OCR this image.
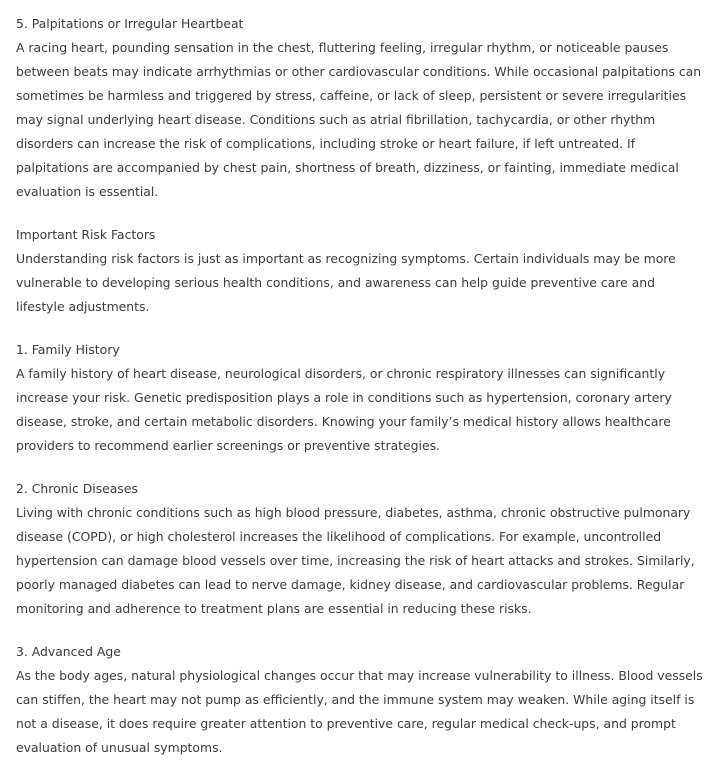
5. Palpitations or Irregular Heartbeat
A racing heart, pounding sensation in the chest, fluttering feeling, irregular rhythm, or noticeable pauses between beats may indicate arrhythmias or other cardiovascular conditions. While occasional palpitations can sometimes be harmless and triggered by stress, caffeine, or lack of sleep, persistent or severe irregularities may signal underlying heart disease. Conditions such as atrial fibrillation, tachycardia, or other rhythm disorders can increase the risk of complications, including stroke or heart failure, if left untreated. If palpitations are accompanied by chest pain, shortness of breath, dizziness, or fainting, immediate medical evaluation is essential.
Important Risk Factors
Understanding risk factors is just as important as recognizing symptoms. Certain individuals may be more vulnerable to developing serious health conditions, and awareness can help guide preventive care and lifestyle adjustments.
1. Family History
A family history of heart disease, neurological disorders, or chronic respiratory illnesses can significantly increase your risk. Genetic predisposition plays a role in conditions such as hypertension, coronary artery disease, stroke, and certain metabolic disorders. Knowing your family’s medical history allows healthcare providers to recommend earlier screenings or preventive strategies.
2. Chronic Diseases
Living with chronic conditions such as high blood pressure, diabetes, asthma, chronic obstructive pulmonary disease (COPD), or high cholesterol increases the likelihood of complications. For example, uncontrolled hypertension can damage blood vessels over time, increasing the risk of heart attacks and strokes. Similarly, poorly managed diabetes can lead to nerve damage, kidney disease, and cardiovascular problems. Regular monitoring and adherence to treatment plans are essential in reducing these risks.
3. Advanced Age
As the body ages, natural physiological changes occur that may increase vulnerability to illness. Blood vessels can stiffen, the heart may not pump as efficiently, and the immune system may weaken. While aging itself is not a disease, it does require greater attention to preventive care, regular medical check-ups, and prompt evaluation of unusual symptoms.
